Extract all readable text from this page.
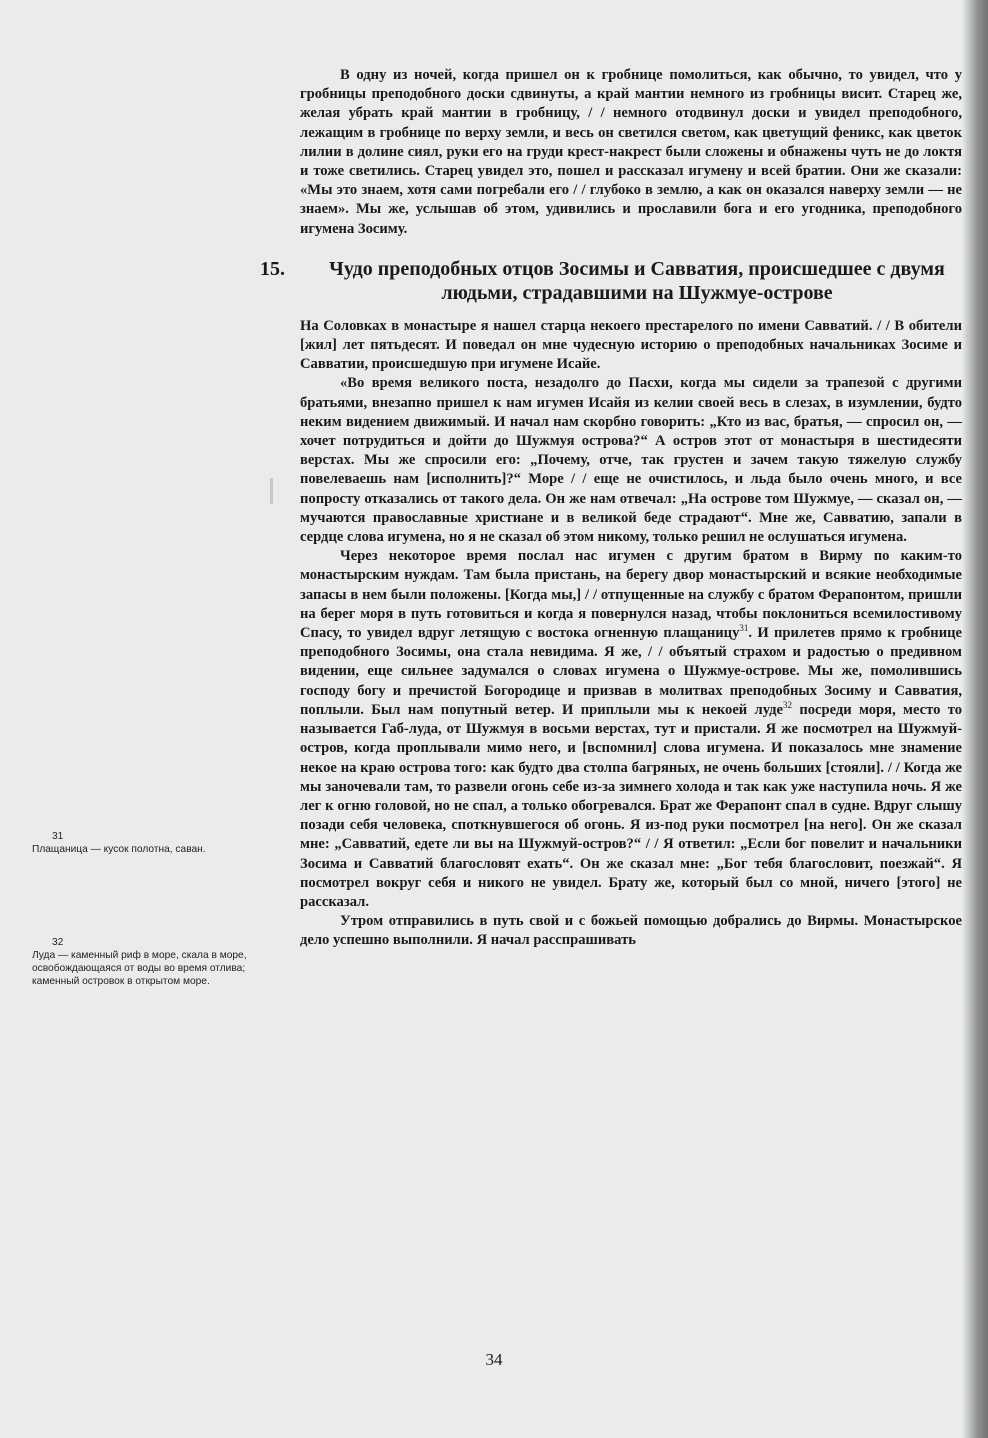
В одну из ночей, когда пришел он к гробнице помолиться, как обычно, то увидел, что у гробницы преподобного доски сдвинуты, а край мантии немного из гробницы висит. Старец же, желая убрать край мантии в гробницу, / / немного отодвинул доски и увидел преподобного, лежащим в гробнице по верху земли, и весь он светился светом, как цветущий феникс, как цветок лилии в долине сиял, руки его на груди крест-накрест были сложены и обнажены чуть не до локтя и тоже светились. Старец увидел это, пошел и рассказал игумену и всей братии. Они же сказали: «Мы это знаем, хотя сами погребали его / / глубоко в землю, а как он оказался наверху земли — не знаем». Мы же, услышав об этом, удивились и прославили бога и его угодника, преподобного игумена Зосиму.

15.	Чудо преподобных отцов Зосимы и Савватия, происшедшее с двумя людьми, страдавшими на Шужмуе-острове

На Соловках в монастыре я нашел старца некоего престарелого по имени Савватий. / / В обители [жил] лет пятьдесят. И поведал он мне чудесную историю о преподобных начальниках Зосиме и Савватии, происшедшую при игумене Исайе.

«Во время великого поста, незадолго до Пасхи, когда мы сидели за трапезой с другими братьями, внезапно пришел к нам игумен Исайя из келии своей весь в слезах, в изумлении, будто неким видением движимый. И начал нам скорбно говорить: „Кто из вас, братья, — спросил он, — хочет потрудиться и дойти до Шужмуя острова?“ А остров этот от монастыря в шестидесяти верстах. Мы же спросили его: „Почему, отче, так грустен и зачем такую тяжелую службу повелеваешь нам [исполнить]?“ Море / / еще не очистилось, и льда было очень много, и все попросту отказались от такого дела. Он же нам отвечал: „На острове том Шужмуе, — сказал он, — мучаются православные христиане и в великой беде страдают“. Мне же, Савватию, запали в сердце слова игумена, но я не сказал об этом никому, только решил не ослушаться игумена.

Через некоторое время послал нас игумен с другим братом в Вирму по каким-то монастырским нуждам. Там была пристань, на берегу двор монастырский и всякие необходимые запасы в нем были положены. [Когда мы,] / / отпущенные на службу с братом Ферапонтом, пришли на берег моря в путь готовиться и когда я повернулся назад, чтобы поклониться всемилостивому Спасу, то увидел вдруг летящую с востока огненную плащаницу$^{31}$. И прилетев прямо к гробнице преподобного Зосимы, она стала невидима. Я же, / / объятый страхом и радостью о предивном видении, еще сильнее задумался о словах игумена о Шужмуе-острове. Мы же, помолившись господу богу и пречистой Богородице и призвав в молитвах преподобных Зосиму и Савватия, поплыли. Был нам попутный ветер. И приплыли мы к некоей луде$^{32}$ посреди моря, место то называется Габ-луда, от Шужмуя в восьми верстах, тут и пристали. Я же посмотрел на Шужмуй-остров, когда проплывали мимо него, и [вспомнил] слова игумена. И показалось мне знамение некое на краю острова того: как будто два столпа багряных, не очень больших [стояли]. / / Когда же мы заночевали там, то развели огонь себе из-за зимнего холода и так как уже наступила ночь. Я же лег к огню головой, но не спал, а только обогревался. Брат же Ферапонт спал в судне. Вдруг слышу позади себя человека, споткнувшегося об огонь. Я из-под руки посмотрел [на него]. Он же сказал мне: „Савватий, едете ли вы на Шужмуй-остров?“ / / Я ответил: „Если бог повелит и начальники Зосима и Савватий благословят ехать“. Он же сказал мне: „Бог тебя благословит, поезжай“. Я посмотрел вокруг себя и никого не увидел. Брату же, который был со мной, ничего [этого] не рассказал.

Утром отправились в путь свой и с божьей помощью добрались до Вирмы. Монастырское дело успешно выполнили. Я начал расспрашивать

31
Плащаница — кусок полотна, саван.
32
Луда — каменный риф в море, скала в море, освобождающаяся от воды во время отлива; каменный островок в открытом море.
34
